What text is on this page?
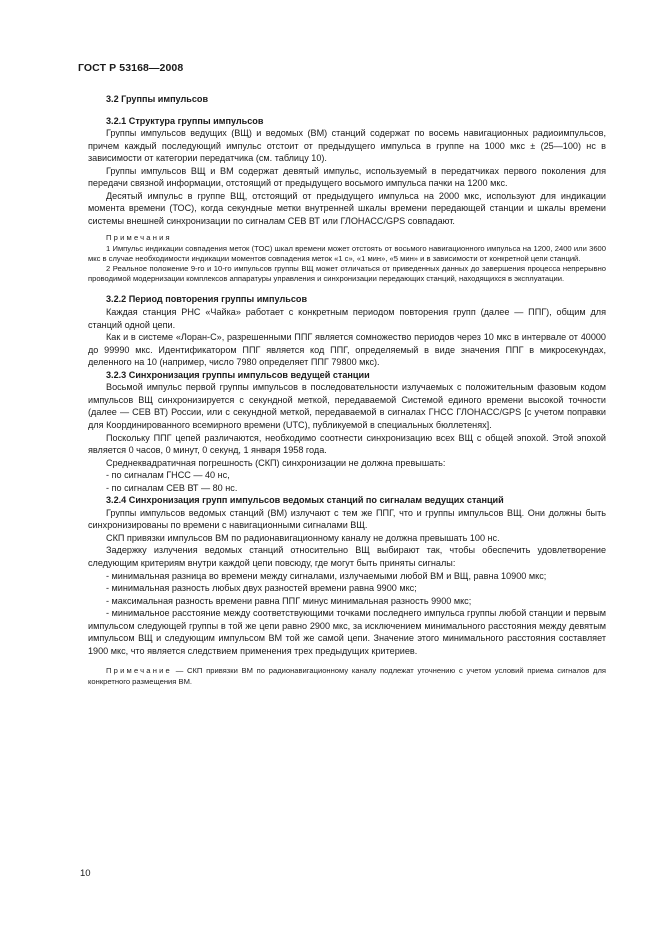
ГОСТ Р 53168—2008

3.2 Группы импульсов

3.2.1 Структура группы импульсов

Группы импульсов ведущих (ВЩ) и ведомых (ВМ) станций содержат по восемь навигационных радиоимпульсов, причем каждый последующий импульс отстоит от предыдущего импульса в группе на 1000 мкс ± (25—100) нс в зависимости от категории передатчика (см. таблицу 10).

Группы импульсов ВЩ и ВМ содержат девятый импульс, используемый в передатчиках первого поколения для передачи связной информации, отстоящий от предыдущего восьмого импульса пачки на 1200 мкс.

Десятый импульс в группе ВЩ, отстоящий от предыдущего импульса на 2000 мкс, используют для индикации момента времени (ТОС), когда секундные метки внутренней шкалы времени передающей станции и шкалы времени системы внешней синхронизации по сигналам СЕВ ВТ или ГЛОНАСС/GPS совпадают.

Примечания

1 Импульс индикации совпадения меток (ТОС) шкал времени может отстоять от восьмого навигационного импульса на 1200, 2400 или 3600 мкс в случае необходимости индикации моментов совпадения меток «1 с», «1 мин», «5 мин» и в зависимости от конкретной цепи станций.

2 Реальное положение 9-го и 10-го импульсов группы ВЩ может отличаться от приведенных данных до завершения процесса непрерывно проводимой модернизации комплексов аппаратуры управления и синхронизации передающих станций, находящихся в эксплуатации.

3.2.2 Период повторения группы импульсов

Каждая станция РНС «Чайка» работает с конкретным периодом повторения групп (далее — ППГ), общим для станций одной цепи.

Как и в системе «Лоран-С», разрешенными ППГ является сомножество периодов через 10 мкс в интервале от 40000 до 99990 мкс. Идентификатором ППГ является код ППГ, определяемый в виде значения ППГ в микросекундах, деленного на 10 (например, число 7980 определяет ППГ 79800 мкс).

3.2.3 Синхронизация группы импульсов ведущей станции

Восьмой импульс первой группы импульсов в последовательности излучаемых с положительным фазовым кодом импульсов ВЩ синхронизируется с секундной меткой, передаваемой Системой единого времени высокой точности (далее — СЕВ ВТ) России, или с секундной меткой, передаваемой в сигналах ГНСС ГЛОНАСС/GPS [с учетом поправки для Координированного всемирного времени (UTC), публикуемой в специальных бюллетенях].

Поскольку ППГ цепей различаются, необходимо соотнести синхронизацию всех ВЩ с общей эпохой. Этой эпохой является 0 часов, 0 минут, 0 секунд, 1 января 1958 года.

Среднеквадратичная погрешность (СКП) синхронизации не должна превышать:

- по сигналам ГНСС — 40 нс,

- по сигналам СЕВ ВТ — 80 нс.

3.2.4 Синхронизация групп импульсов ведомых станций по сигналам ведущих станций

Группы импульсов ведомых станций (ВМ) излучают с тем же ППГ, что и группы импульсов ВЩ. Они должны быть синхронизированы по времени с навигационными сигналами ВЩ.

СКП привязки импульсов ВМ по радионавигационному каналу не должна превышать 100 нс.

Задержку излучения ведомых станций относительно ВЩ выбирают так, чтобы обеспечить удовлетворение следующим критериям внутри каждой цепи повсюду, где могут быть приняты сигналы:

- минимальная разница во времени между сигналами, излучаемыми любой ВМ и ВЩ, равна 10900 мкс;

- минимальная разность любых двух разностей времени равна 9900 мкс;

- максимальная разность времени равна ППГ минус минимальная разность 9900 мкс;

- минимальное расстояние между соответствующими точками последнего импульса группы любой станции и первым импульсом следующей группы в той же цепи равно 2900 мкс, за исключением минимального расстояния между девятым импульсом ВЩ и следующим импульсом ВМ той же самой цепи. Значение этого минимального расстояния составляет 1900 мкс, что является следствием применения трех предыдущих критериев.

Примечание — СКП привязки ВМ по радионавигационному каналу подлежат уточнению с учетом условий приема сигналов для конкретного размещения ВМ.

10
